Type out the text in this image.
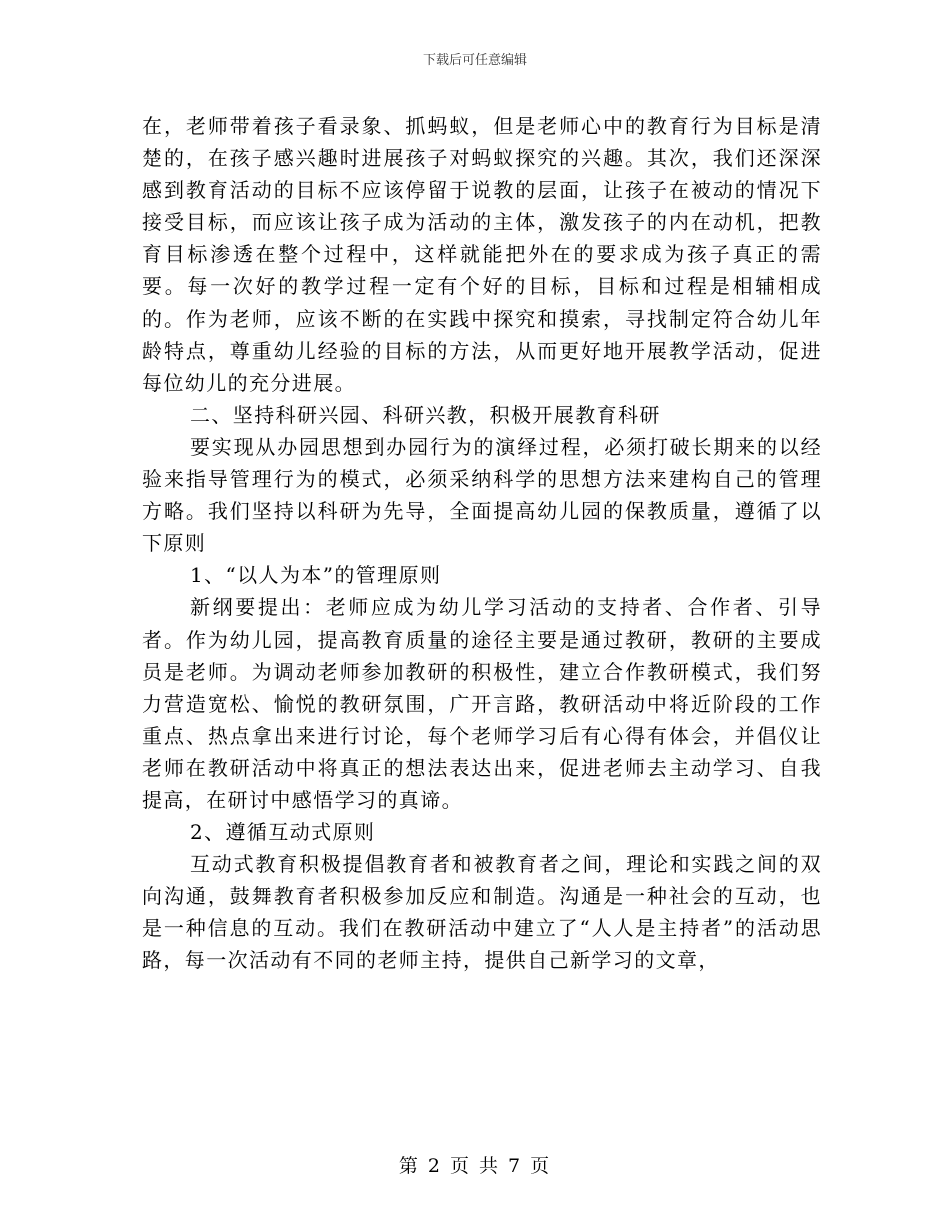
下载后可任意编辑

在，老师带着孩子看录象、抓蚂蚁，但是老师心中的教育行为目标是清楚的，在孩子感兴趣时进展孩子对蚂蚁探究的兴趣。其次，我们还深深感到教育活动的目标不应该停留于说教的层面，让孩子在被动的情况下接受目标，而应该让孩子成为活动的主体，激发孩子的内在动机，把教育目标渗透在整个过程中，这样就能把外在的要求成为孩子真正的需要。每一次好的教学过程一定有个好的目标，目标和过程是相辅相成的。作为老师，应该不断的在实践中探究和摸索，寻找制定符合幼儿年龄特点，尊重幼儿经验的目标的方法，从而更好地开展教学活动，促进每位幼儿的充分进展。

二、坚持科研兴园、科研兴教，积极开展教育科研

要实现从办园思想到办园行为的演绎过程，必须打破长期来的以经验来指导管理行为的模式，必须采纳科学的思想方法来建构自己的管理方略。我们坚持以科研为先导，全面提高幼儿园的保教质量，遵循了以下原则

1、“以人为本”的管理原则

新纲要提出：老师应成为幼儿学习活动的支持者、合作者、引导者。作为幼儿园，提高教育质量的途径主要是通过教研，教研的主要成员是老师。为调动老师参加教研的积极性，建立合作教研模式，我们努力营造宽松、愉悦的教研氛围，广开言路，教研活动中将近阶段的工作重点、热点拿出来进行讨论，每个老师学习后有心得有体会，并倡仪让老师在教研活动中将真正的想法表达出来，促进老师去主动学习、自我提高，在研讨中感悟学习的真谛。

2、遵循互动式原则

互动式教育积极提倡教育者和被教育者之间，理论和实践之间的双向沟通，鼓舞教育者积极参加反应和制造。沟通是一种社会的互动，也是一种信息的互动。我们在教研活动中建立了“人人是主持者”的活动思路，每一次活动有不同的老师主持，提供自己新学习的文章，

第 2 页 共 7 页
